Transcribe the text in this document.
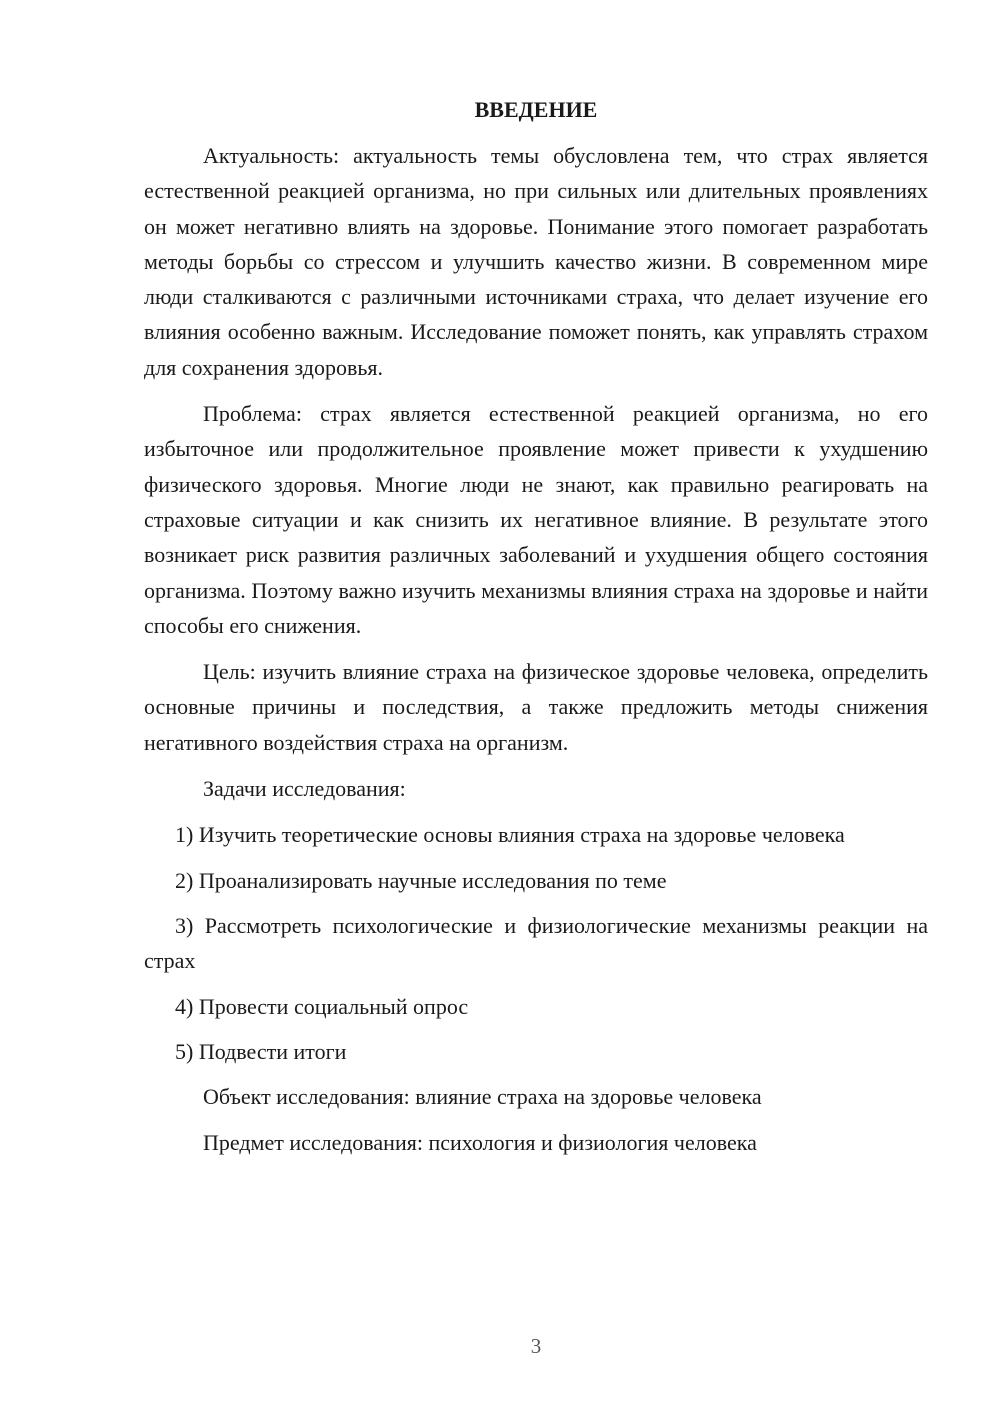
ВВЕДЕНИЕ

Актуальность: актуальность темы обусловлена тем, что страх является естественной реакцией организма, но при сильных или длительных проявлениях он может негативно влиять на здоровье. Понимание этого помогает разработать методы борьбы со стрессом и улучшить качество жизни. В современном мире люди сталкиваются с различными источниками страха, что делает изучение его влияния особенно важным. Исследование поможет понять, как управлять страхом для сохранения здоровья.

Проблема: страх является естественной реакцией организма, но его избыточное или продолжительное проявление может привести к ухудшению физического здоровья. Многие люди не знают, как правильно реагировать на страховые ситуации и как снизить их негативное влияние. В результате этого возникает риск развития различных заболеваний и ухудшения общего состояния организма. Поэтому важно изучить механизмы влияния страха на здоровье и найти способы его снижения.

Цель: изучить влияние страха на физическое здоровье человека, определить основные причины и последствия, а также предложить методы снижения негативного воздействия страха на организм.

Задачи исследования:

1) Изучить теоретические основы влияния страха на здоровье человека

2) Проанализировать научные исследования по теме

3) Рассмотреть психологические и физиологические механизмы реакции на страх

4) Провести социальный опрос

5) Подвести итоги

Объект исследования: влияние страха на здоровье человека

Предмет исследования: психология и физиология человека

3
